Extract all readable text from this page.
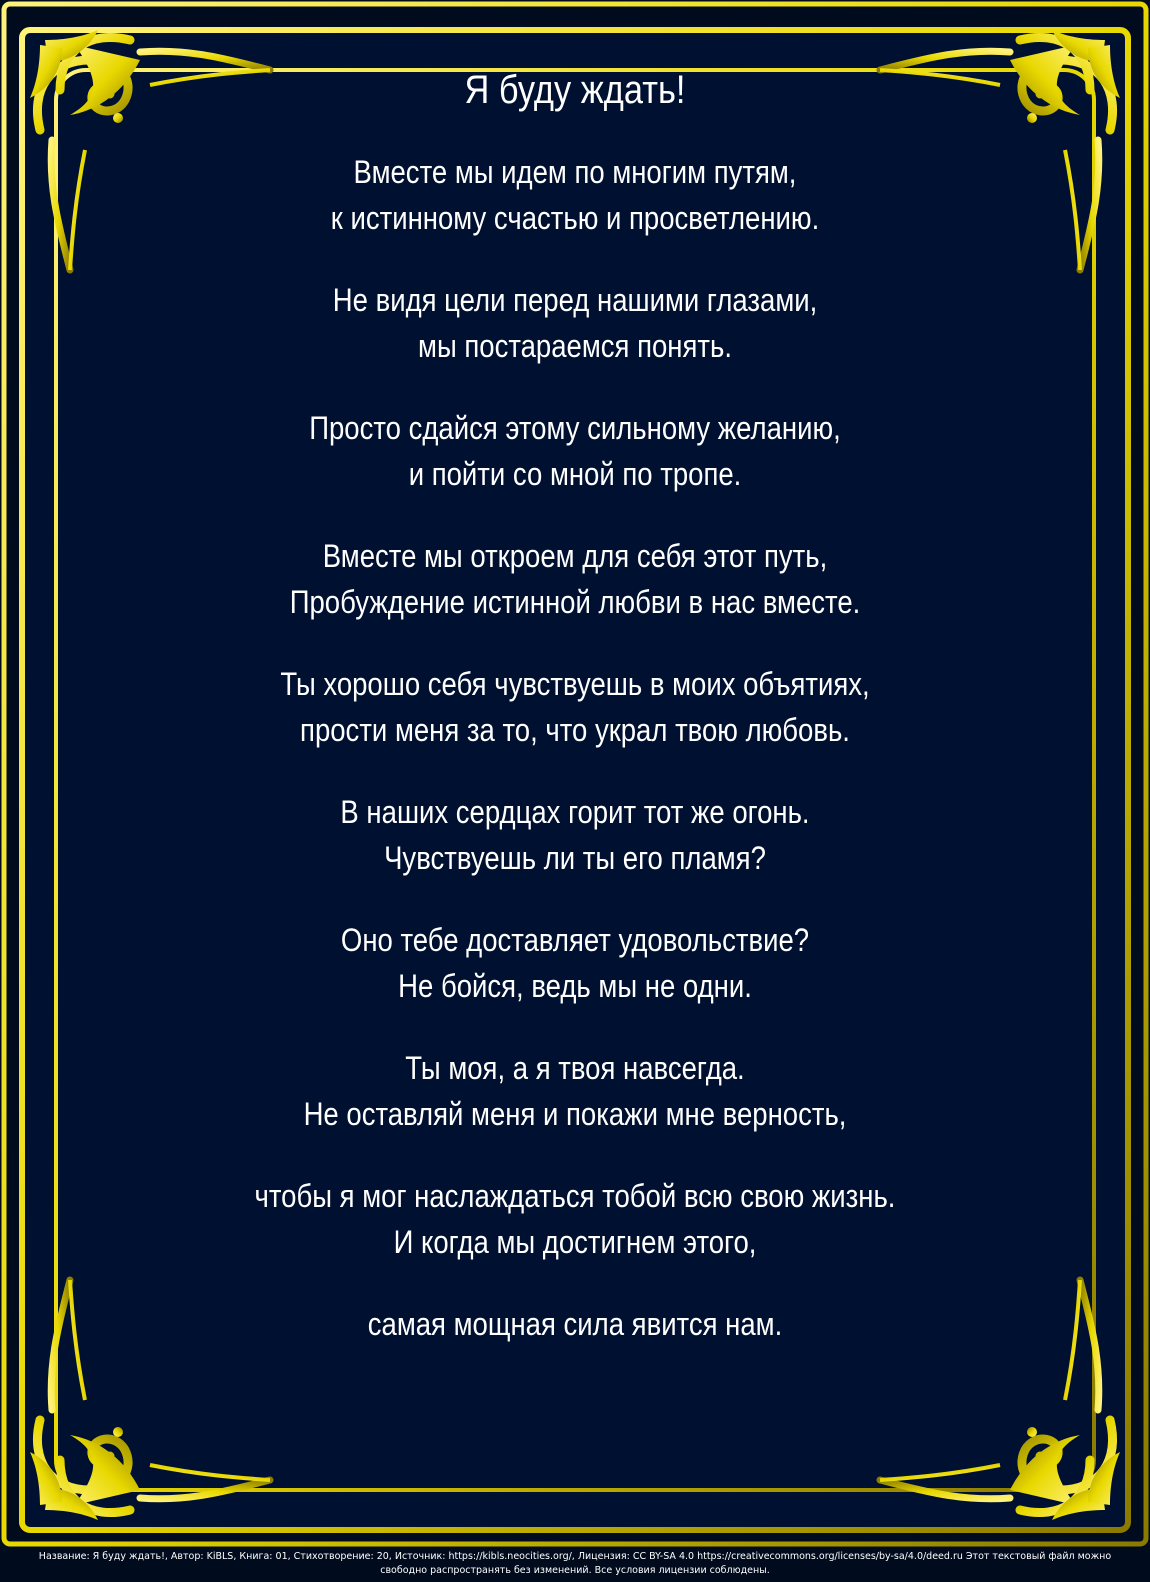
Я буду ждать!
Вместе мы идем по многим путям,
к истинному счастью и просветлению.
Не видя цели перед нашими глазами,
мы постараемся понять.
Просто сдайся этому сильному желанию,
и пойти со мной по тропе.
Вместе мы откроем для себя этот путь,
Пробуждение истинной любви в нас вместе.
Ты хорошо себя чувствуешь в моих объятиях,
прости меня за то, что украл твою любовь.
В наших сердцах горит тот же огонь.
Чувствуешь ли ты его пламя?
Оно тебе доставляет удовольствие?
Не бойся, ведь мы не одни.
Ты моя, а я твоя навсегда.
Не оставляй меня и покажи мне верность,
чтобы я мог наслаждаться тобой всю свою жизнь.
И когда мы достигнем этого,
самая мощная сила явится нам.
Название: Я буду ждать!, Автор: KiBLS, Книга: 01, Стихотворение: 20, Источник: https://kibls.neocities.org/, Лицензия: CC BY-SA 4.0 https://creativecommons.org/licenses/by-sa/4.0/deed.ru Этот текстовый файл можно
свободно распространять без изменений. Все условия лицензии соблюдены.
